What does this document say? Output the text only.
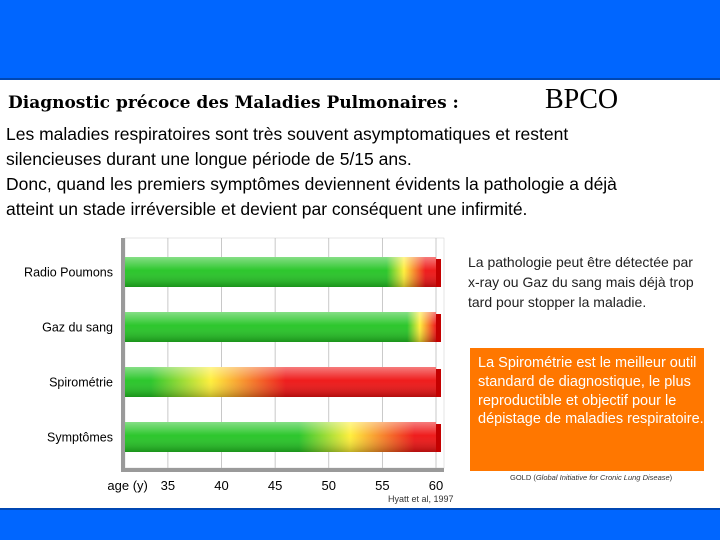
Diagnostic précoce des Maladies Pulmonaires :	BPCO
Les maladies respiratoires sont très souvent asymptomatiques et restent
silencieuses durant une longue période de 5/15 ans.
Donc, quand les premiers symptômes deviennent évidents la pathologie a déjà
atteint un stade irréversible et devient par conséquent une infirmité.
Radio Poumons
Gaz du sang
Spirométrie
Symptômes
35	40	45	50	55	60
age (y)
La pathologie peut être détectée par x-ray ou Gaz du sang mais déjà trop tard pour stopper la maladie.
La Spirométrie est le meilleur outil standard de diagnostique, le plus reproductible et objectif pour le dépistage de maladies respiratoire.
GOLD (Global Initiative for Cronic Lung Disease)
Hyatt et al, 1997
